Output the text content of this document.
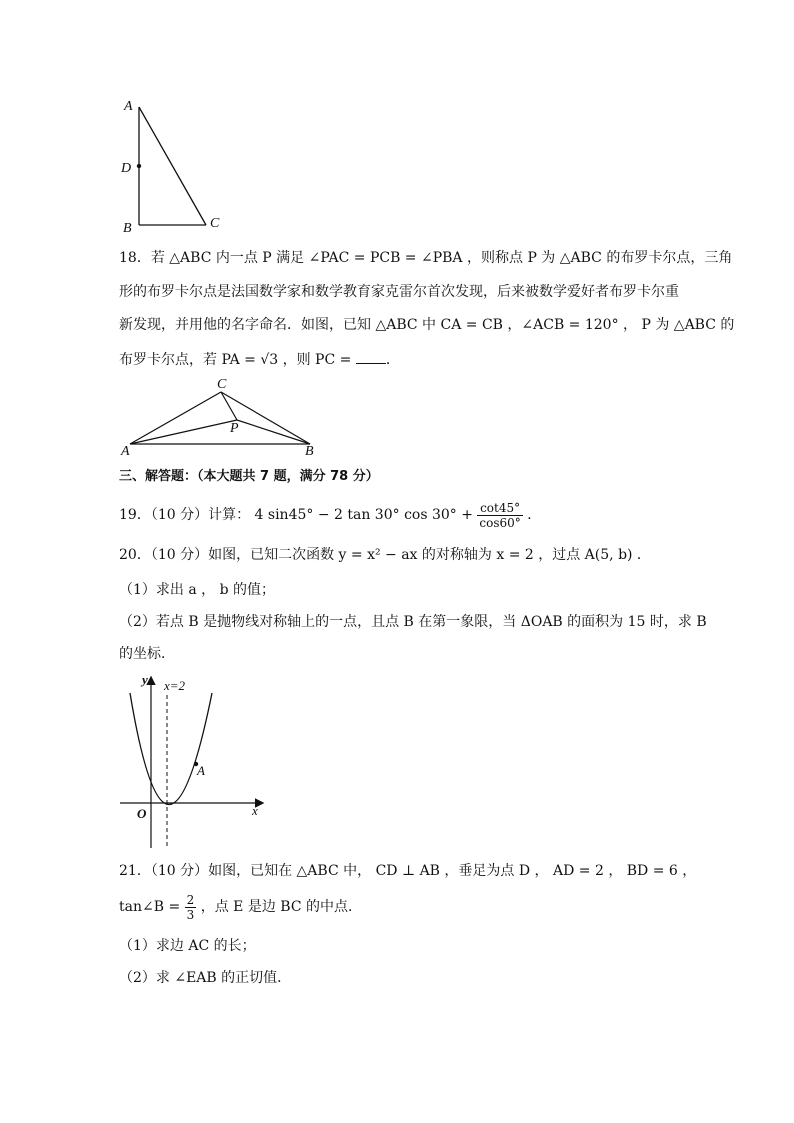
A
D
B	C
18．若 △ABC 内一点 P 满足 ∠PAC = PCB = ∠PBA ，则称点 P 为 △ABC 的布罗卡尔点，三角
形的布罗卡尔点是法国数学家和数学教育家克雷尔首次发现，后来被数学爱好者布罗卡尔重
新发现，并用他的名字命名．如图，已知 △ABC 中 CA = CB ，∠ACB = 120° ， P 为 △ABC 的
布罗卡尔点，若 PA = √3 ，则 PC = ．
C
P
A	B
三、解答题：（本大题共 7 题，满分 78 分）
19．（10 分）计算： 4 sin45° − 2 tan 30° $\cos 30^\circ + \frac{\cot 45^\circ}{\cos 60^\circ}$ ．
20．（10 分）如图，已知二次函数 y = x² − ax 的对称轴为 x = 2 ，过点 A(5, b) ．
（1）求出 a ， b 的值；
（2）若点 B 是抛物线对称轴上的一点，且点 B 在第一象限，当 ΔOAB 的面积为 15 时，求 B
的坐标．
y x=2
A
O	x
21．（10 分）如图，已知在 △ABC 中， CD ⊥ AB ，垂足为点 D ， AD = 2 ， BD = 6 ，
tan∠B = $\frac{2}{3}$ ，点 E 是边 BC 的中点．
（1）求边 AC 的长；
（2）求 ∠EAB 的正切值．
